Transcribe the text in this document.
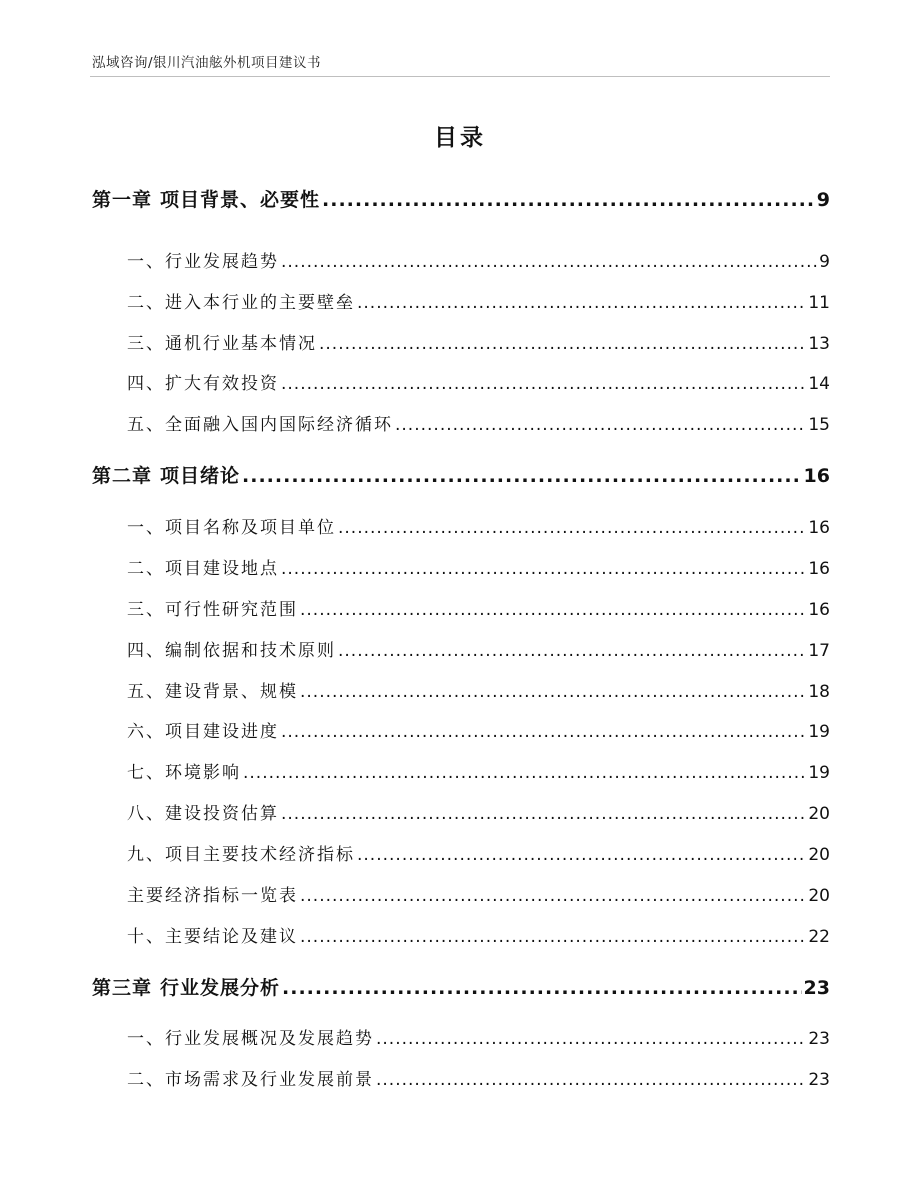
泓域咨询/银川汽油舷外机项目建议书
目录
第一章 项目背景、必要性 .....	9
一、 行业发展趋势 .....	9
二、 进入本行业的主要壁垒 .....	11
三、 通机行业基本情况 .....	13
四、 扩大有效投资 .....	14
五、 全面融入国内国际经济循环 .....	15
第二章 项目绪论 .....	16
一、 项目名称及项目单位 .....	16
二、 项目建设地点 .....	16
三、 可行性研究范围 .....	16
四、 编制依据和技术原则 .....	17
五、 建设背景、规模 .....	18
六、 项目建设进度 .....	19
七、 环境影响 .....	19
八、 建设投资估算 .....	20
九、 项目主要技术经济指标 .....	20
主要经济指标一览表 .....	20
十、 主要结论及建议 .....	22
第三章 行业发展分析 .....	23
一、 行业发展概况及发展趋势 .....	23
二、 市场需求及行业发展前景 .....	23
